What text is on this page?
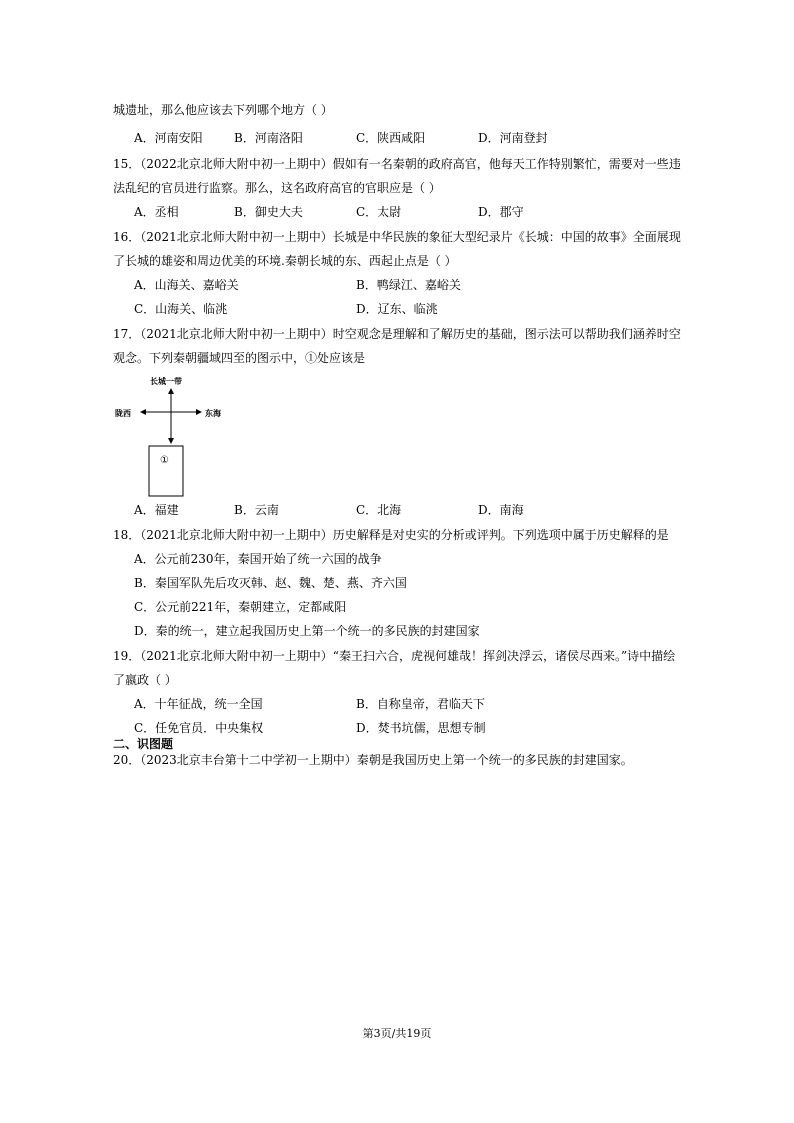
城遗址，那么他应该去下列哪个地方（ ）
A．河南安阳	B．河南洛阳	C．陕西咸阳	D．河南登封
15．（2022北京北师大附中初一上期中）假如有一名秦朝的政府高官，他每天工作特别繁忙，需要对一些违
法乱纪的官员进行监察。那么，这名政府高官的官职应是（ ）
A．丞相	B．御史大夫	C．太尉	D．郡守
16．（2021北京北师大附中初一上期中）长城是中华民族的象征大型纪录片《长城：中国的故事》全面展现
了长城的雄姿和周边优美的环境.秦朝长城的东、西起止点是（ ）
A．山海关、嘉峪关	B．鸭绿江、嘉峪关
C．山海关、临洮	D．辽东、临洮
17．（2021北京北师大附中初一上期中）时空观念是理解和了解历史的基础，图示法可以帮助我们涵养时空
观念。下列秦朝疆域四至的图示中，①处应该是
长城一带
陇西	东海
①
A．福建	B．云南	C．北海	D．南海
18．（2021北京北师大附中初一上期中）历史解释是对史实的分析或评判。下列选项中属于历史解释的是
A．公元前230年，秦国开始了统一六国的战争
B．秦国军队先后攻灭韩、赵、魏、楚、燕、齐六国
C．公元前221年，秦朝建立，定都咸阳
D．秦的统一，建立起我国历史上第一个统一的多民族的封建国家
19．（2021北京北师大附中初一上期中）“秦王扫六合，虎视何雄哉！挥剑决浮云，诸侯尽西来。”诗中描绘
了嬴政（ ）
A．十年征战，统一全国	B．自称皇帝，君临天下
C．任免官员．中央集权	D．焚书坑儒，思想专制
二、识图题
20．（2023北京丰台第十二中学初一上期中）秦朝是我国历史上第一个统一的多民族的封建国家。
第3页/共19页
